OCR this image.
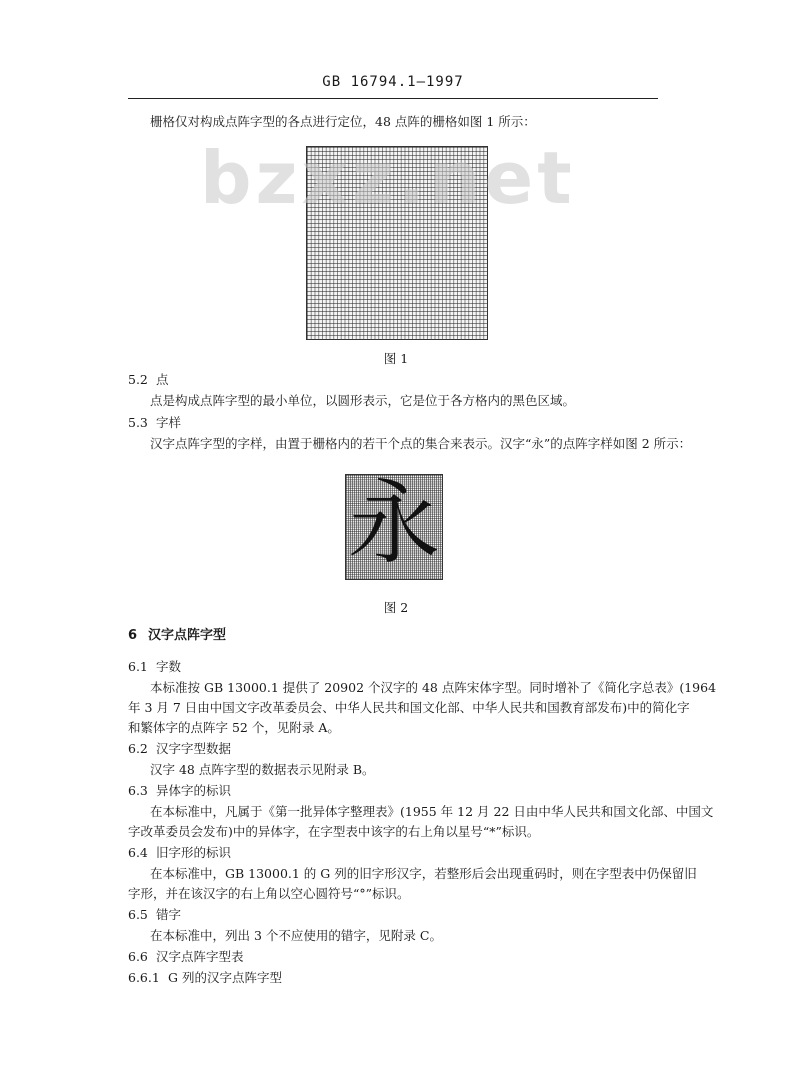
GB 16794.1—1997
栅格仅对构成点阵字型的各点进行定位，48 点阵的栅格如图 1 所示：
bzxz.net
图 1
5.2 点
点是构成点阵字型的最小单位，以圆形表示，它是位于各方格内的黑色区域。
5.3 字样
汉字点阵字型的字样，由置于栅格内的若干个点的集合来表示。汉字“永”的点阵字样如图 2 所示：
永
图 2
6 汉字点阵字型
6.1 字数
本标准按 GB 13000.1 提供了 20902 个汉字的 48 点阵宋体字型。同时增补了《简化字总表》(1964
年 3 月 7 日由中国文字改革委员会、中华人民共和国文化部、中华人民共和国教育部发布)中的简化字
和繁体字的点阵字 52 个，见附录 A。
6.2 汉字字型数据
汉字 48 点阵字型的数据表示见附录 B。
6.3 异体字的标识
在本标准中，凡属于《第一批异体字整理表》(1955 年 12 月 22 日由中华人民共和国文化部、中国文
字改革委员会发布)中的异体字，在字型表中该字的右上角以星号“*”标识。
6.4 旧字形的标识
在本标准中，GB 13000.1 的 G 列的旧字形汉字，若整形后会出现重码时，则在字型表中仍保留旧
字形，并在该汉字的右上角以空心圆符号“°”标识。
6.5 错字
在本标准中，列出 3 个不应使用的错字，见附录 C。
6.6 汉字点阵字型表
6.6.1 G 列的汉字点阵字型
